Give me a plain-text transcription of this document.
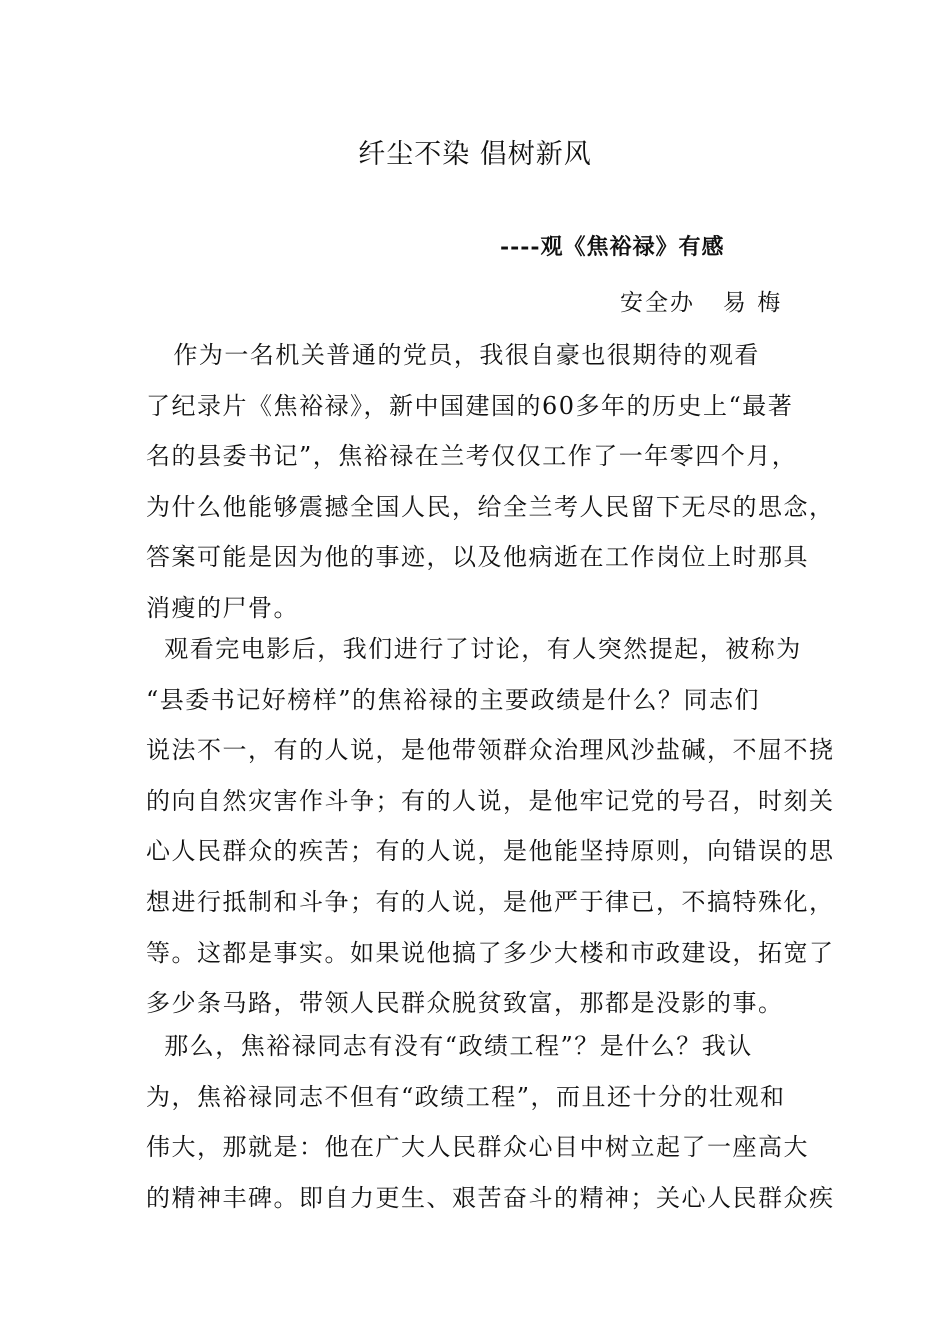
纤尘不染 倡树新风
----观《焦裕禄》有感
安全办   易 梅
作为一名机关普通的党员，我很自豪也很期待的观看
了纪录片《焦裕禄》，新中国建国的60多年的历史上“最著
名的县委书记”，焦裕禄在兰考仅仅工作了一年零四个月，
为什么他能够震撼全国人民，给全兰考人民留下无尽的思念，
答案可能是因为他的事迹，以及他病逝在工作岗位上时那具
消瘦的尸骨。
观看完电影后，我们进行了讨论，有人突然提起，被称为
“县委书记好榜样”的焦裕禄的主要政绩是什么？同志们
说法不一，有的人说，是他带领群众治理风沙盐碱，不屈不挠
的向自然灾害作斗争；有的人说，是他牢记党的号召，时刻关
心人民群众的疾苦；有的人说，是他能坚持原则，向错误的思
想进行抵制和斗争；有的人说，是他严于律已，不搞特殊化，
等。这都是事实。如果说他搞了多少大楼和市政建设，拓宽了
多少条马路，带领人民群众脱贫致富，那都是没影的事。
那么，焦裕禄同志有没有“政绩工程”？是什么？我认
为，焦裕禄同志不但有“政绩工程”，而且还十分的壮观和
伟大，那就是：他在广大人民群众心目中树立起了一座高大
的精神丰碑。即自力更生、艰苦奋斗的精神；关心人民群众疾
